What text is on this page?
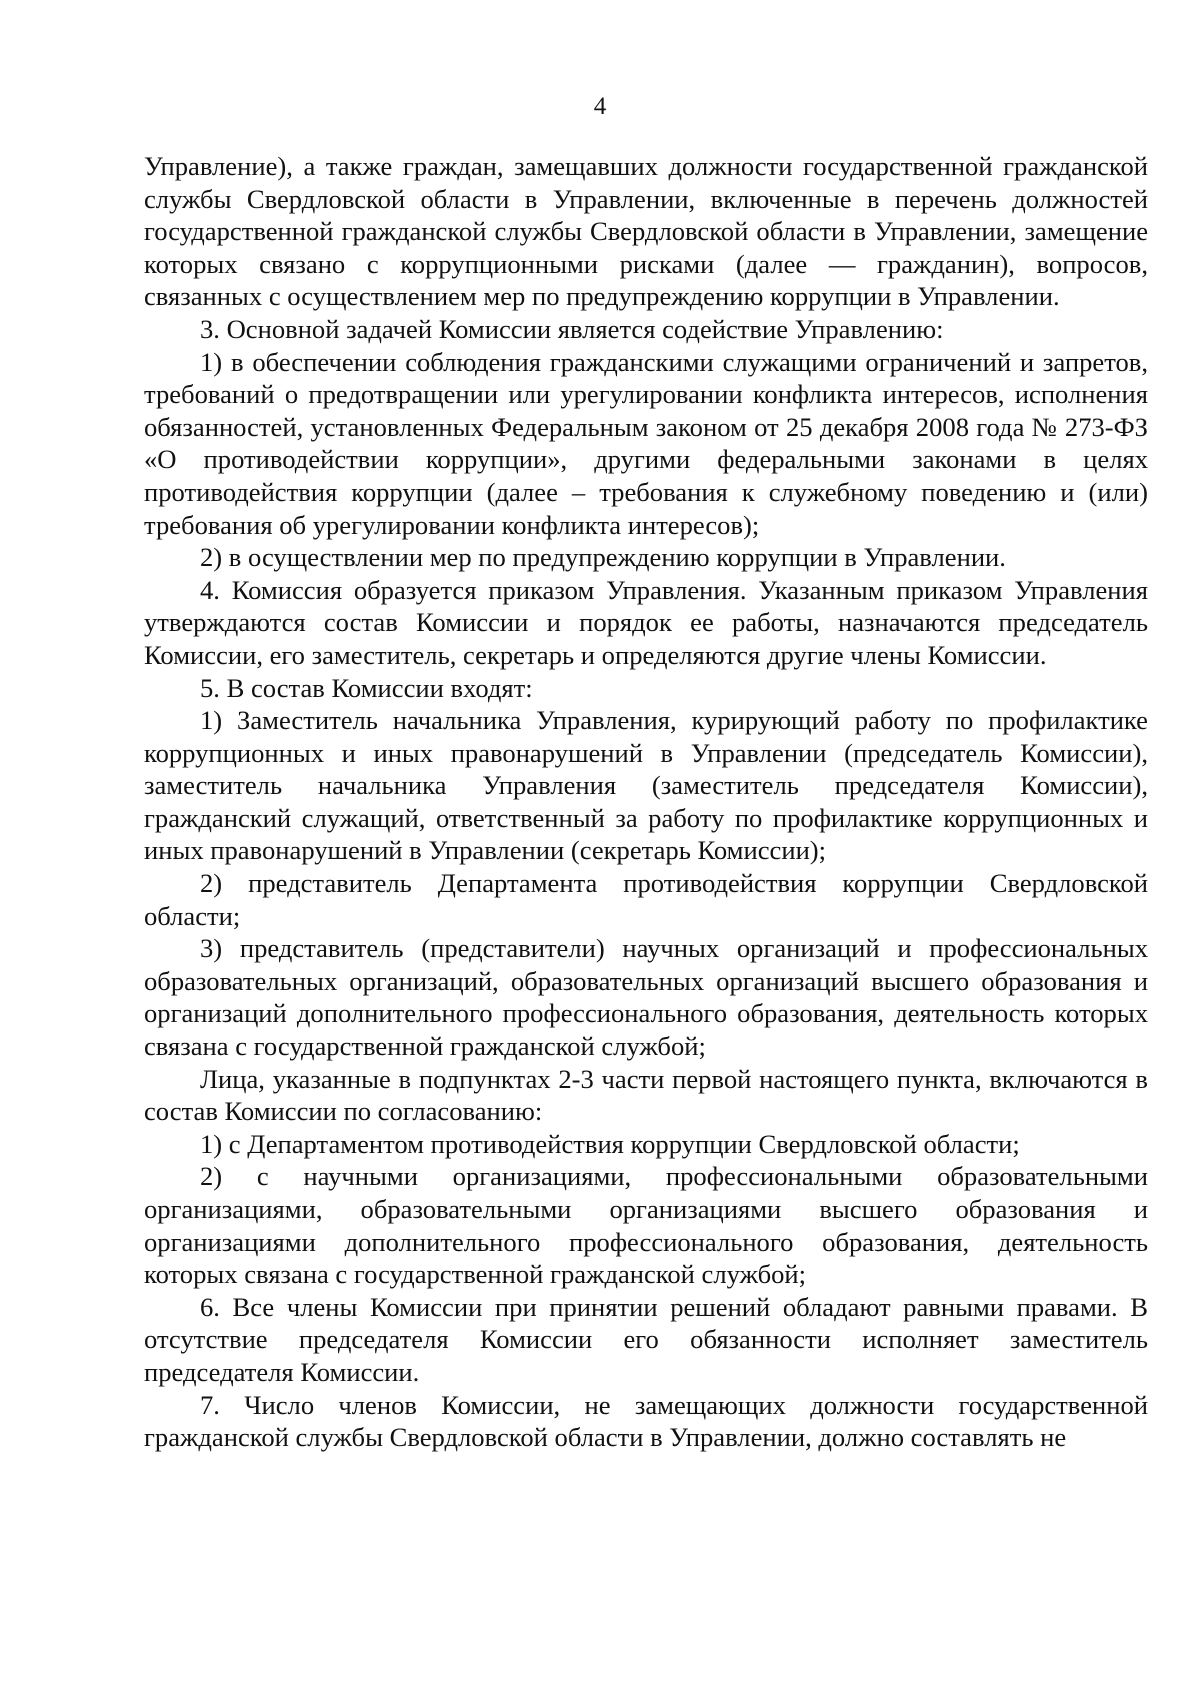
4

Управление), а также граждан, замещавших должности государственной гражданской службы Свердловской области в Управлении, включенные в перечень должностей государственной гражданской службы Свердловской области в Управлении, замещение которых связано с коррупционными рисками (далее — гражданин), вопросов, связанных с осуществлением мер по предупреждению коррупции в Управлении.

3. Основной задачей Комиссии является содействие Управлению:

1) в обеспечении соблюдения гражданскими служащими ограничений и запретов, требований о предотвращении или урегулировании конфликта интересов, исполнения обязанностей, установленных Федеральным законом от 25 декабря 2008 года № 273-ФЗ «О противодействии коррупции», другими федеральными законами в целях противодействия коррупции (далее – требования к служебному поведению и (или) требования об урегулировании конфликта интересов);

2) в осуществлении мер по предупреждению коррупции в Управлении.

4. Комиссия образуется приказом Управления. Указанным приказом Управления утверждаются состав Комиссии и порядок ее работы, назначаются председатель Комиссии, его заместитель, секретарь и определяются другие члены Комиссии.

5. В состав Комиссии входят:

1) Заместитель начальника Управления, курирующий работу по профилактике коррупционных и иных правонарушений в Управлении (председатель Комиссии), заместитель начальника Управления (заместитель председателя Комиссии), гражданский служащий, ответственный за работу по профилактике коррупционных и иных правонарушений в Управлении (секретарь Комиссии);

2) представитель Департамента противодействия коррупции Свердловской области;

3) представитель (представители) научных организаций и профессиональных образовательных организаций, образовательных организаций высшего образования и организаций дополнительного профессионального образования, деятельность которых связана с государственной гражданской службой;

Лица, указанные в подпунктах 2-3 части первой настоящего пункта, включаются в состав Комиссии по согласованию:

1) с Департаментом противодействия коррупции Свердловской области;

2) с научными организациями, профессиональными образовательными организациями, образовательными организациями высшего образования и организациями дополнительного профессионального образования, деятельность которых связана с государственной гражданской службой;

6. Все члены Комиссии при принятии решений обладают равными правами. В отсутствие председателя Комиссии его обязанности исполняет заместитель председателя Комиссии.

7. Число членов Комиссии, не замещающих должности государственной гражданской службы Свердловской области в Управлении, должно составлять не
